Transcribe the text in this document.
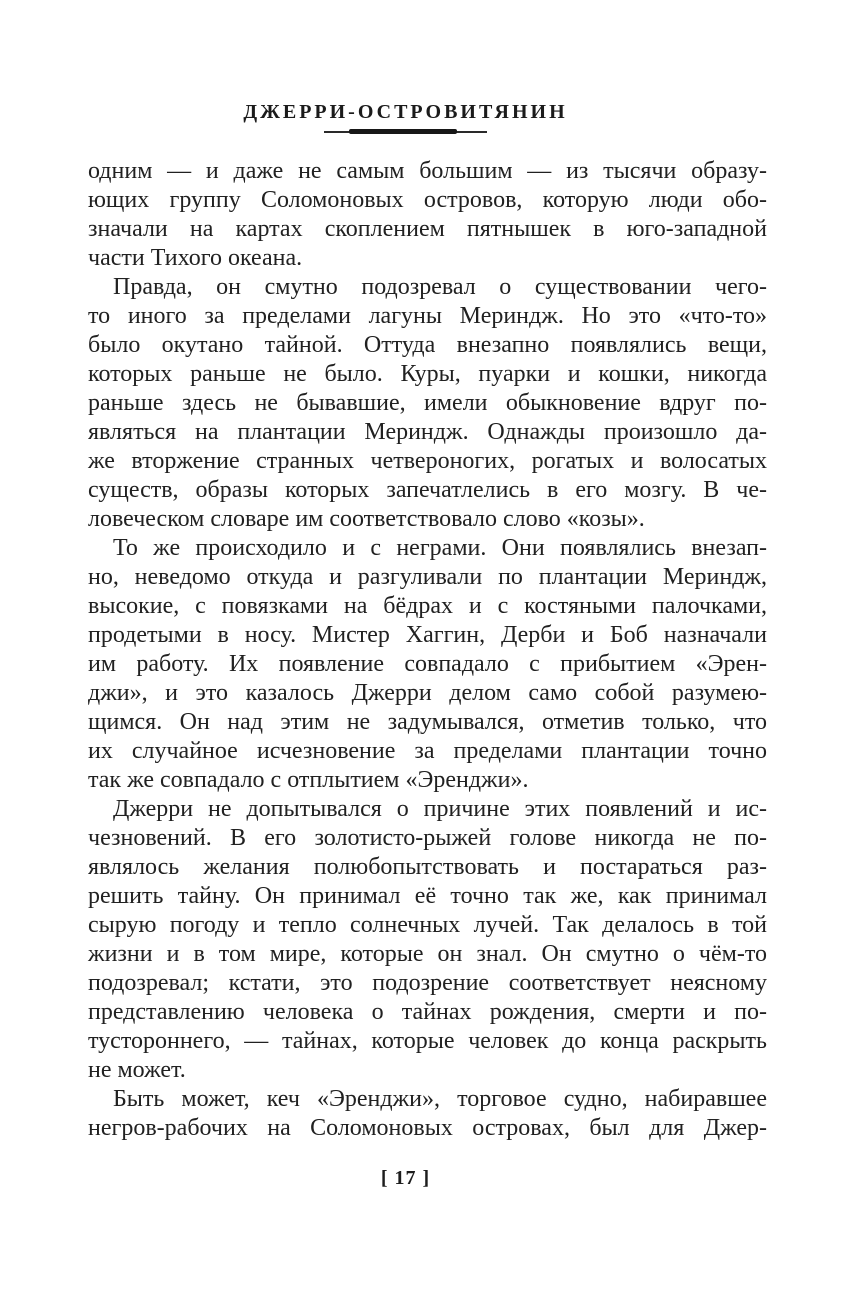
ДЖЕРРИ-ОСТРОВИТЯНИН
одним — и даже не самым большим — из тысячи образу-
ющих группу Соломоновых островов, которую люди обо-
значали на картах скоплением пятнышек в юго-западной
части Тихого океана.
Правда, он смутно подозревал о существовании чего-
то иного за пределами лагуны Мериндж. Но это «что-то»
было окутано тайной. Оттуда внезапно появлялись вещи,
которых раньше не было. Куры, пуарки и кошки, никогда
раньше здесь не бывавшие, имели обыкновение вдруг по-
являться на плантации Мериндж. Однажды произошло да-
же вторжение странных четвероногих, рогатых и волосатых
существ, образы которых запечатлелись в его мозгу. В че-
ловеческом словаре им соответствовало слово «козы».
То же происходило и с неграми. Они появлялись внезап-
но, неведомо откуда и разгуливали по плантации Мериндж,
высокие, с повязками на бёдрах и с костяными палочками,
продетыми в носу. Мистер Хаггин, Дерби и Боб назначали
им работу. Их появление совпадало с прибытием «Эрен-
джи», и это казалось Джерри делом само собой разумею-
щимся. Он над этим не задумывался, отметив только, что
их случайное исчезновение за пределами плантации точно
так же совпадало с отплытием «Эренджи».
Джерри не допытывался о причине этих появлений и ис-
чезновений. В его золотисто-рыжей голове никогда не по-
являлось желания полюбопытствовать и постараться раз-
решить тайну. Он принимал её точно так же, как принимал
сырую погоду и тепло солнечных лучей. Так делалось в той
жизни и в том мире, которые он знал. Он смутно о чём-то
подозревал; кстати, это подозрение соответствует неясному
представлению человека о тайнах рождения, смерти и по-
тустороннего, — тайнах, которые человек до конца раскрыть
не может.
Быть может, кеч «Эренджи», торговое судно, набиравшее
негров-рабочих на Соломоновых островах, был для Джер-
[ 17 ]
